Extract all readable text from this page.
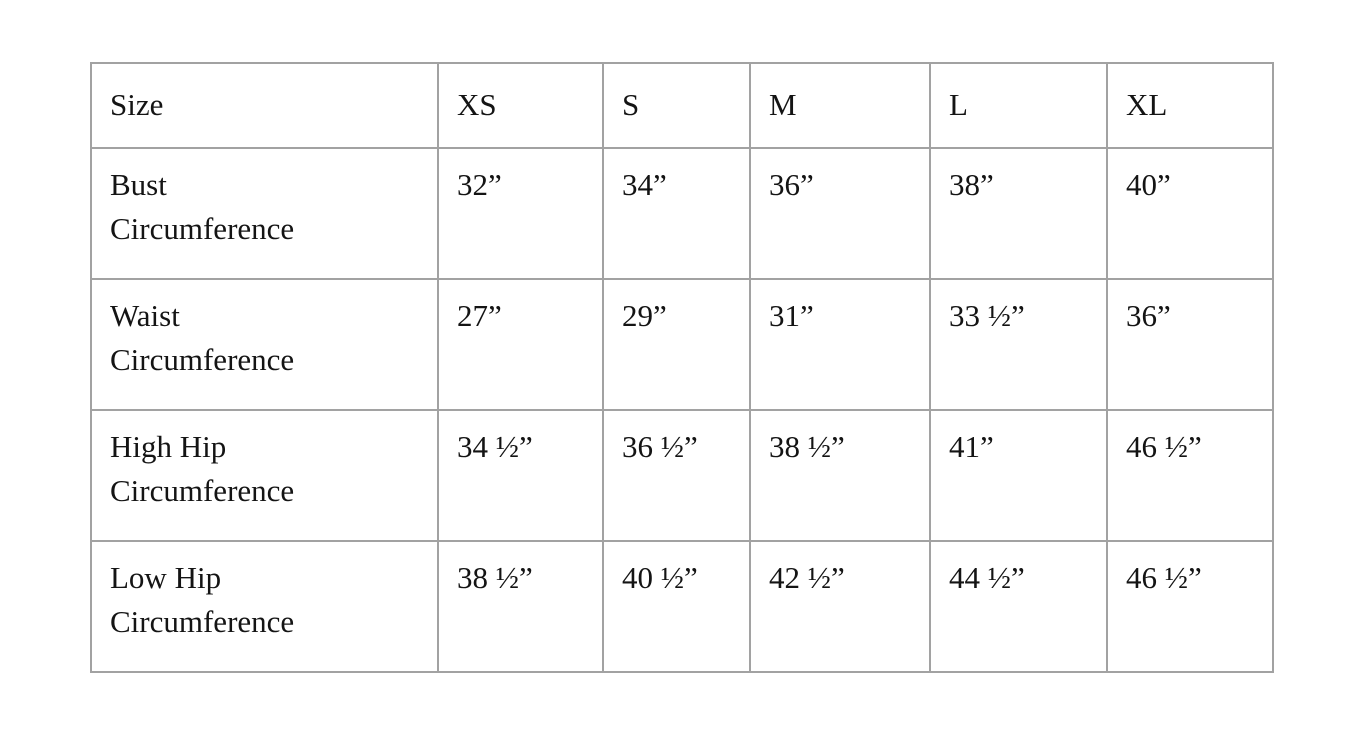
Size	XS	S	M	L	XL

Bust
Circumference	32”	34”	36”	38”	40”

Waist
Circumference	27”	29”	31”	33 ½”	36”

High Hip
Circumference	34 ½”	36 ½”	38 ½”	41”	46 ½”

Low Hip
Circumference	38 ½”	40 ½”	42 ½”	44 ½”	46 ½”
